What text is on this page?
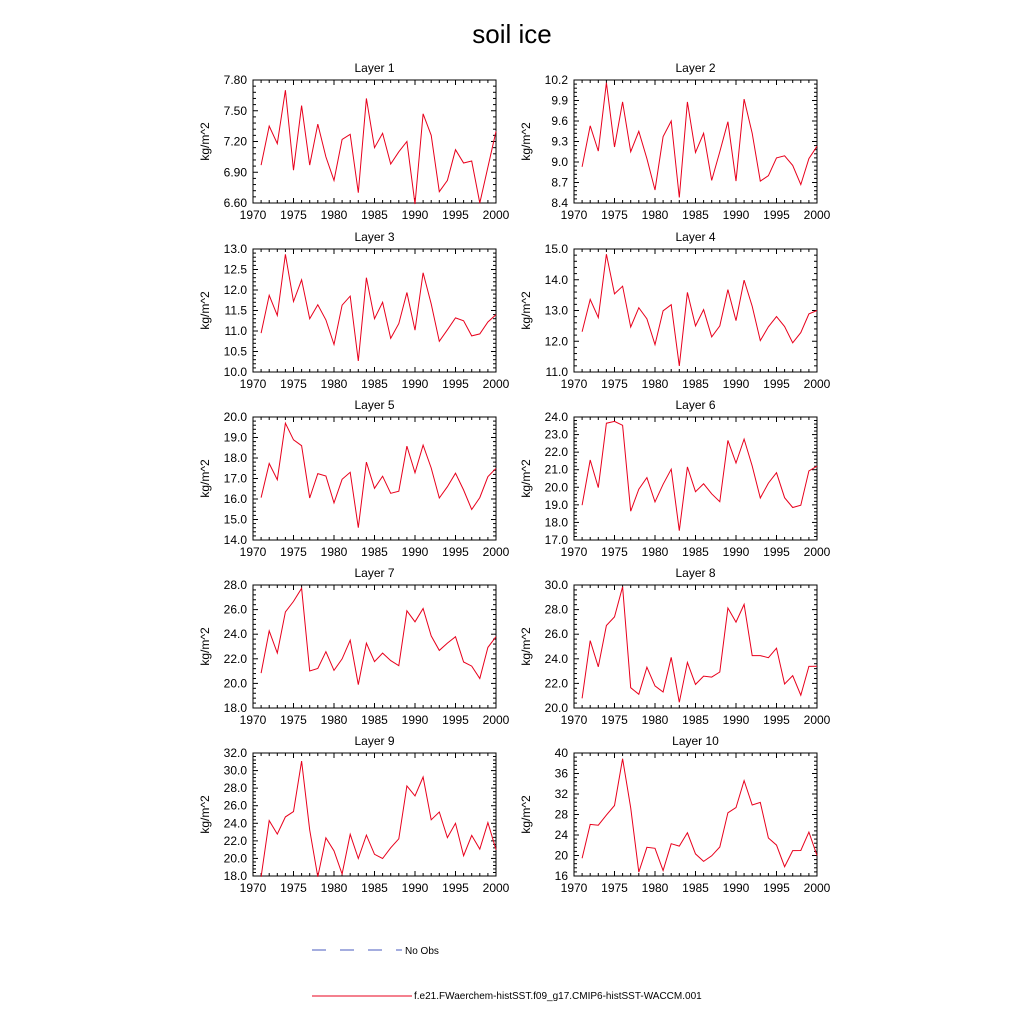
soil ice
Layer 1
kg/m^2
1970 1975 1980 1985 1990 1995 2000
6.60
6.90
7.20
7.50
7.80
Layer 2
kg/m^2
1970 1975 1980 1985 1990 1995 2000
8.4
8.7
9.0
9.3
9.6
9.9
10.2
Layer 3
kg/m^2
1970 1975 1980 1985 1990 1995 2000
10.0
10.5
11.0
11.5
12.0
12.5
13.0
Layer 4
kg/m^2
1970 1975 1980 1985 1990 1995 2000
11.0
12.0
13.0
14.0
15.0
Layer 5
kg/m^2
1970 1975 1980 1985 1990 1995 2000
14.0
15.0
16.0
17.0
18.0
19.0
20.0
Layer 6
kg/m^2
1970 1975 1980 1985 1990 1995 2000
17.0
18.0
19.0
20.0
21.0
22.0
23.0
24.0
Layer 7
kg/m^2
1970 1975 1980 1985 1990 1995 2000
18.0
20.0
22.0
24.0
26.0
28.0
Layer 8
kg/m^2
1970 1975 1980 1985 1990 1995 2000
20.0
22.0
24.0
26.0
28.0
30.0
Layer 9
kg/m^2
1970 1975 1980 1985 1990 1995 2000
18.0
20.0
22.0
24.0
26.0
28.0
30.0
32.0
Layer 10
kg/m^2
1970 1975 1980 1985 1990 1995 2000
16
20
24
28
32
36
40
No Obs
f.e21.FWaerchem-histSST.f09_g17.CMIP6-histSST-WACCM.001
